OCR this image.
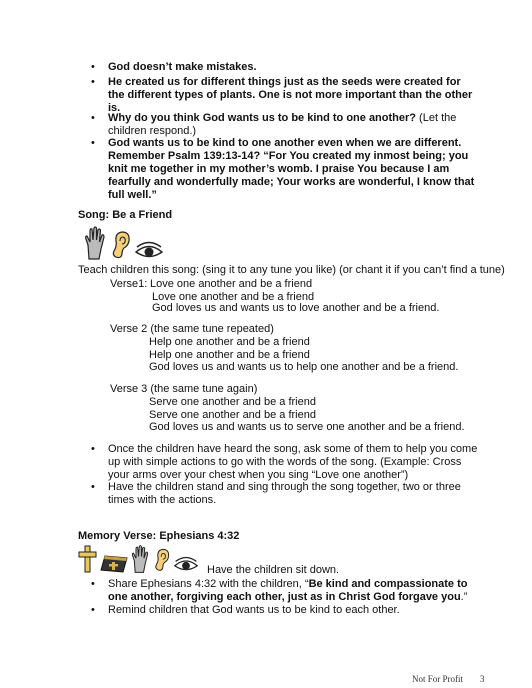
•	God doesn’t make mistakes.
•	He created us for different things just as the seeds were created for the different types of plants. One is not more important than the other is.
•	Why do you think God wants us to be kind to one another? (Let the children respond.)
•	God wants us to be kind to one another even when we are different. Remember Psalm 139:13-14? “For You created my inmost being; you knit me together in my mother’s womb. I praise You because I am fearfully and wonderfully made; Your works are wonderful, I know that full well.”
Song: Be a Friend
Teach children this song: (sing it to any tune you like) (or chant it if you can’t find a tune)
Verse1: Love one another and be a friend
Love one another and be a friend
God loves us and wants us to love another and be a friend.
Verse 2 (the same tune repeated)
Help one another and be a friend
Help one another and be a friend
God loves us and wants us to help one another and be a friend.
Verse 3 (the same tune again)
Serve one another and be a friend
Serve one another and be a friend
God loves us and wants us to serve one another and be a friend.
•	Once the children have heard the song, ask some of them to help you come up with simple actions to go with the words of the song. (Example: Cross your arms over your chest when you sing “Love one another”)
•	Have the children stand and sing through the song together, two or three times with the actions.
Memory Verse: Ephesians 4:32
Have the children sit down.
•	Share Ephesians 4:32 with the children, “Be kind and compassionate to one another, forgiving each other, just as in Christ God forgave you.”
•	Remind children that God wants us to be kind to each other.
Not For Profit 3
